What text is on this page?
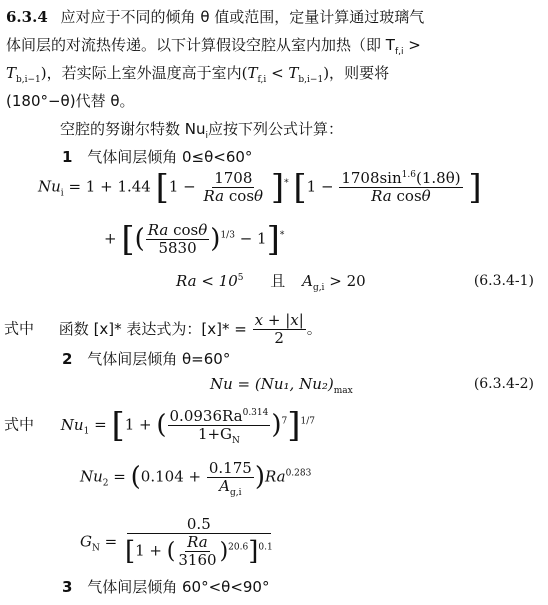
6.3.4 应对应于不同的倾角 θ 值或范围，定量计算通过玻璃气
体间层的对流热传递。以下计算假设空腔从室内加热（即 $T_{f,i}$ >
$T_{b,i-1}$)，若实际上室外温度高于室内$(T_{f,i} < T_{b,i-1})$，则要将
(180°−θ)代替 θ。
空腔的努谢尔特数 $Nu_i$应按下列公式计算：
1 气体间层倾角 0≤θ<60°
$Nu_i = 1 + 1.44$ $[1 - \frac{1708}{\text{Ra cosθ}} ]^*$ [$1 - \frac{1708\sin^{1.6}(1.8\theta)}{\text{Ra cosθ}}$ ]
+ [( $\frac{\text{Ra cosθ}}{5830} )^{1/3} - 1]^*$
$Ra < 10^5$ 且 $A_{g,i} > 20$	(6.3.4-1)
式中 函数 [x]* 表达式为：$[x]* = \frac{x + |x|}{2}$ 。
2 气体间层倾角 θ=60°
Nu = (Nu₁, $Nu_2)_{max}$	(6.3.4-2)
式中 $Nu_1 = [1$ + ( $\frac{0.0936Ra^{0.314}}{1+G_N} )^7]^{1/7}$
$Nu_2 = (0.104 + \frac{0.175}{A_{g,i}} )Ra^{0.283}$
$G_N = \frac{0.5}{[1 + ( \frac{Ra}{3160} )^{20.6}]^{0.1}}$
3 气体间层倾角 60°<θ<90°
